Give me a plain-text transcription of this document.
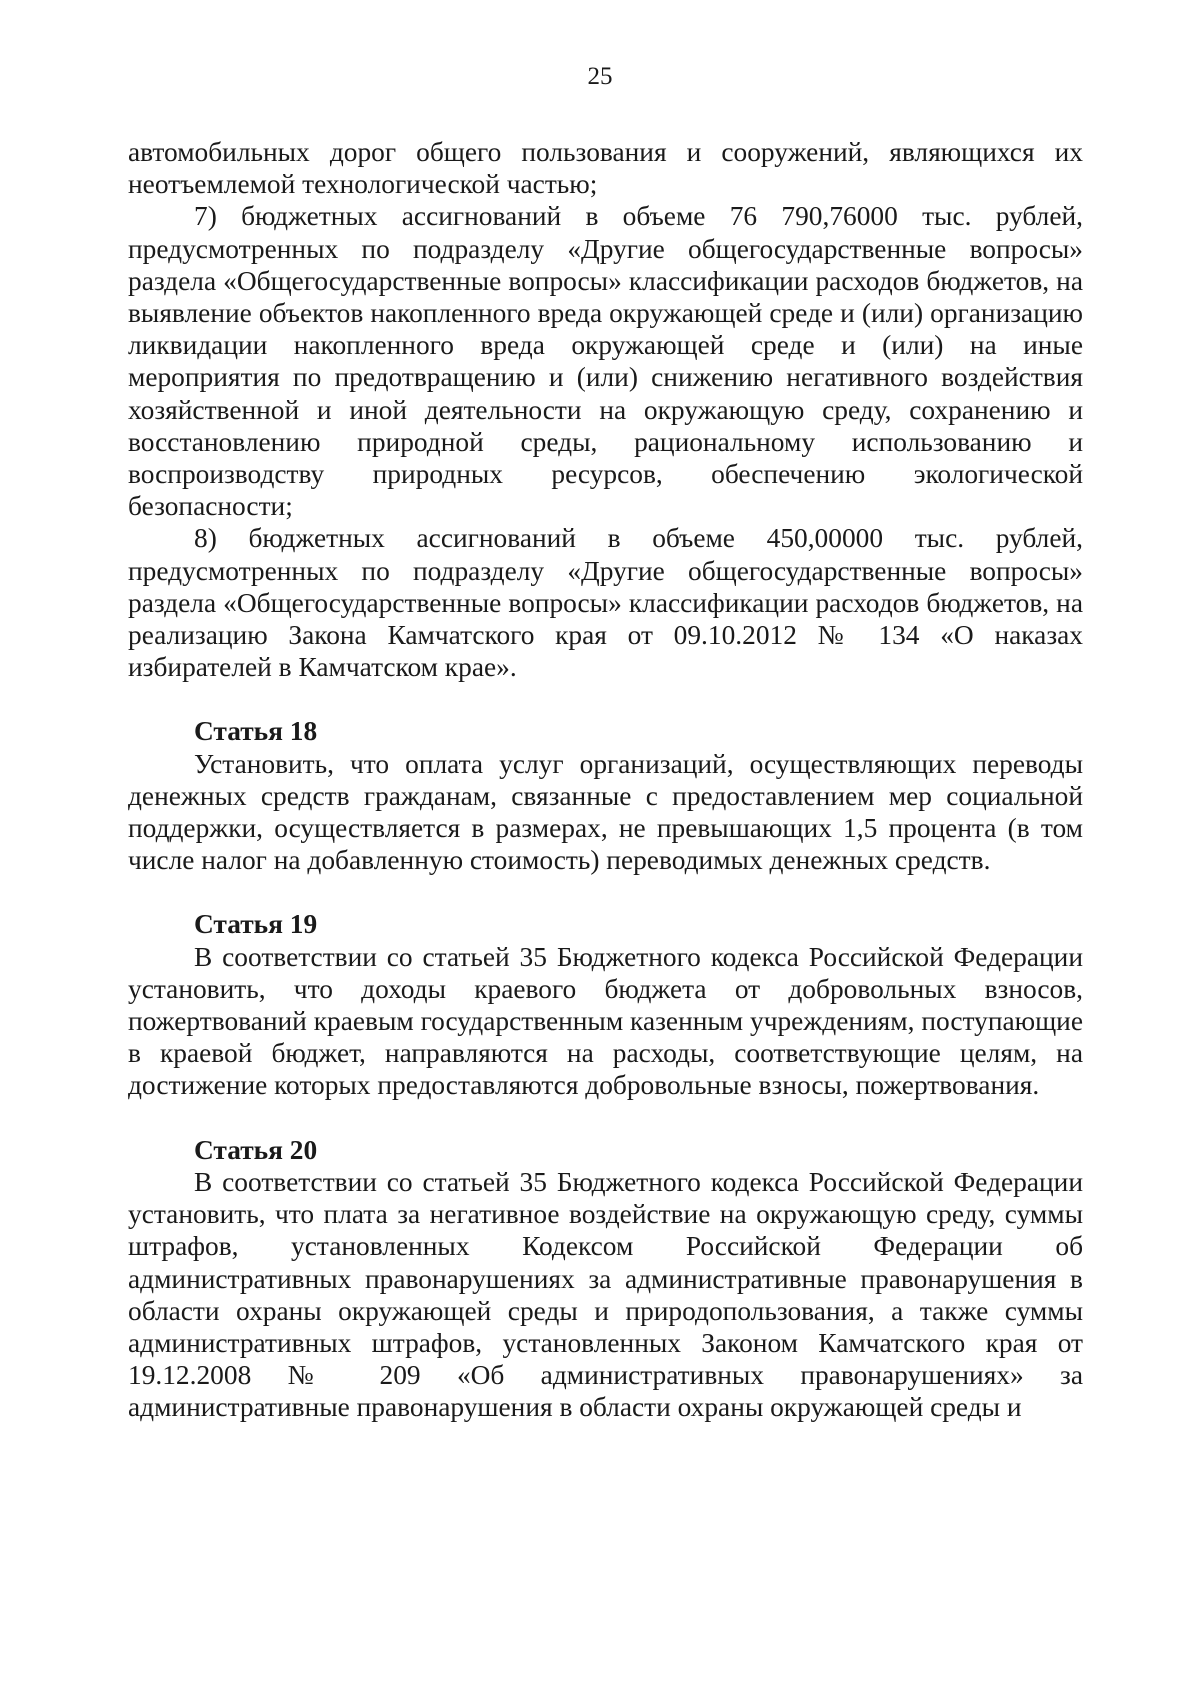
25

автомобильных дорог общего пользования и сооружений, являющихся их неотъемлемой технологической частью;

7) бюджетных ассигнований в объеме 76 790,76000 тыс. рублей, предусмотренных по подразделу «Другие общегосударственные вопросы» раздела «Общегосударственные вопросы» классификации расходов бюджетов, на выявление объектов накопленного вреда окружающей среде и (или) организацию ликвидации накопленного вреда окружающей среде и (или) на иные мероприятия по предотвращению и (или) снижению негативного воздействия хозяйственной и иной деятельности на окружающую среду, сохранению и восстановлению природной среды, рациональному использованию и воспроизводству природных ресурсов, обеспечению экологической безопасности;

8) бюджетных ассигнований в объеме 450,00000 тыс. рублей, предусмотренных по подразделу «Другие общегосударственные вопросы» раздела «Общегосударственные вопросы» классификации расходов бюджетов, на реализацию Закона Камчатского края от 09.10.2012 № 134 «О наказах избирателей в Камчатском крае».

Статья 18

Установить, что оплата услуг организаций, осуществляющих переводы денежных средств гражданам, связанные с предоставлением мер социальной поддержки, осуществляется в размерах, не превышающих 1,5 процента (в том числе налог на добавленную стоимость) переводимых денежных средств.

Статья 19

В соответствии со статьей 35 Бюджетного кодекса Российской Федерации установить, что доходы краевого бюджета от добровольных взносов, пожертвований краевым государственным казенным учреждениям, поступающие в краевой бюджет, направляются на расходы, соответствующие целям, на достижение которых предоставляются добровольные взносы, пожертвования.

Статья 20

В соответствии со статьей 35 Бюджетного кодекса Российской Федерации установить, что плата за негативное воздействие на окружающую среду, суммы штрафов, установленных Кодексом Российской Федерации об административных правонарушениях за административные правонарушения в области охраны окружающей среды и природопользования, а также суммы административных штрафов, установленных Законом Камчатского края от 19.12.2008 № 209 «Об административных правонарушениях» за административные правонарушения в области охраны окружающей среды и
